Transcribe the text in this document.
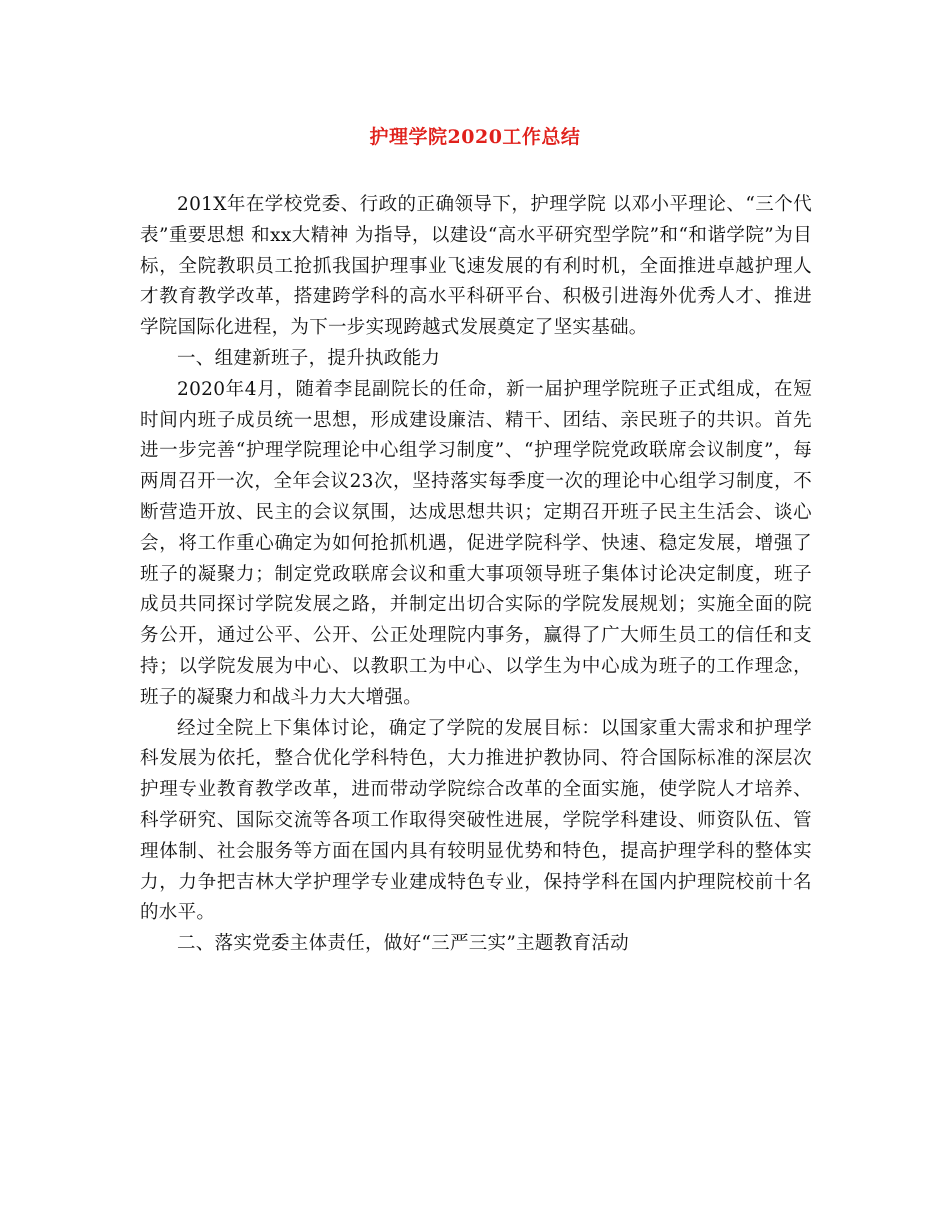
护理学院2020工作总结

201X年在学校党委、行政的正确领导下，护理学院 以邓小平理论、“三个代表”重要思想 和xx大精神 为指导，以建设“高水平研究型学院”和“和谐学院”为目标，全院教职员工抢抓我国护理事业飞速发展的有利时机，全面推进卓越护理人才教育教学改革，搭建跨学科的高水平科研平台、积极引进海外优秀人才、推进学院国际化进程，为下一步实现跨越式发展奠定了坚实基础。

一、组建新班子，提升执政能力

2020年4月，随着李昆副院长的任命，新一届护理学院班子正式组成，在短时间内班子成员统一思想，形成建设廉洁、精干、团结、亲民班子的共识。首先进一步完善“护理学院理论中心组学习制度”、“护理学院党政联席会议制度”，每两周召开一次，全年会议23次，坚持落实每季度一次的理论中心组学习制度，不断营造开放、民主的会议氛围，达成思想共识；定期召开班子民主生活会、谈心会，将工作重心确定为如何抢抓机遇，促进学院科学、快速、稳定发展，增强了班子的凝聚力；制定党政联席会议和重大事项领导班子集体讨论决定制度，班子成员共同探讨学院发展之路，并制定出切合实际的学院发展规划；实施全面的院务公开，通过公平、公开、公正处理院内事务，赢得了广大师生员工的信任和支持；以学院发展为中心、以教职工为中心、以学生为中心成为班子的工作理念，班子的凝聚力和战斗力大大增强。

经过全院上下集体讨论，确定了学院的发展目标：以国家重大需求和护理学科发展为依托，整合优化学科特色，大力推进护教协同、符合国际标准的深层次护理专业教育教学改革，进而带动学院综合改革的全面实施，使学院人才培养、科学研究、国际交流等各项工作取得突破性进展，学院学科建设、师资队伍、管理体制、社会服务等方面在国内具有较明显优势和特色，提高护理学科的整体实力，力争把吉林大学护理学专业建成特色专业，保持学科在国内护理院校前十名的水平。

二、落实党委主体责任，做好“三严三实”主题教育活动
